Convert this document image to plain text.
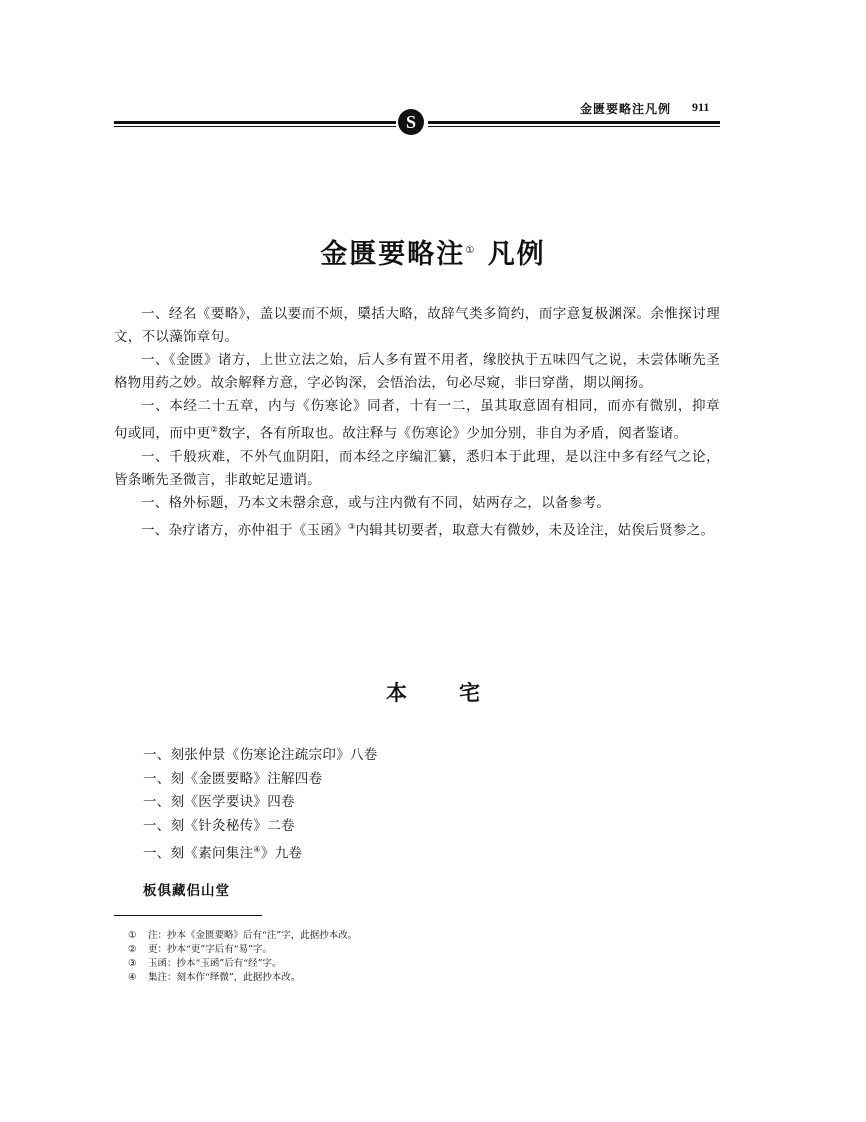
S
金匮要略注凡例 911
金匮要略注① 凡例

一、经名《要略》，盖以要而不烦，檃括大略，故辞气类多简约，而字意复极渊深。余惟探讨理文，不以藻饰章句。

一、《金匮》诸方，上世立法之始，后人多有置不用者，缘胶执于五味四气之说，未尝体晰先圣格物用药之妙。故余解释方意，字必钩深，会悟治法，句必尽窥，非曰穿凿，期以阐扬。

一、本经二十五章，内与《伤寒论》同者，十有一二，虽其取意固有相同，而亦有微别，抑章句或同，而中更②数字，各有所取也。故注释与《伤寒论》少加分别，非自为矛盾，阅者鉴诸。

一、千般疢难，不外气血阴阳，而本经之序编汇纂，悉归本于此理，是以注中多有经气之论，皆条晰先圣微言，非敢蛇足遗诮。

一、格外标题，乃本文未罄余意，或与注内微有不同，姑两存之，以备参考。

一、杂疗诸方，亦仲祖于《玉函》③内辑其切要者，取意大有微妙，未及诠注，姑俟后贤参之。

本宅
一、刻张仲景《伤寒论注疏宗印》八卷
一、刻《金匮要略》注解四卷
一、刻《医学要诀》四卷
一、刻《针灸秘传》二卷
一、刻《素问集注④》九卷
板俱藏侣山堂
① 注：抄本《金匮要略》后有“注”字，此据抄本改。
② 更：抄本“更”字后有“易”字。
③ 玉函：抄本“玉函”后有“经”字。
④ 集注：刻本作“绎微”，此据抄本改。
